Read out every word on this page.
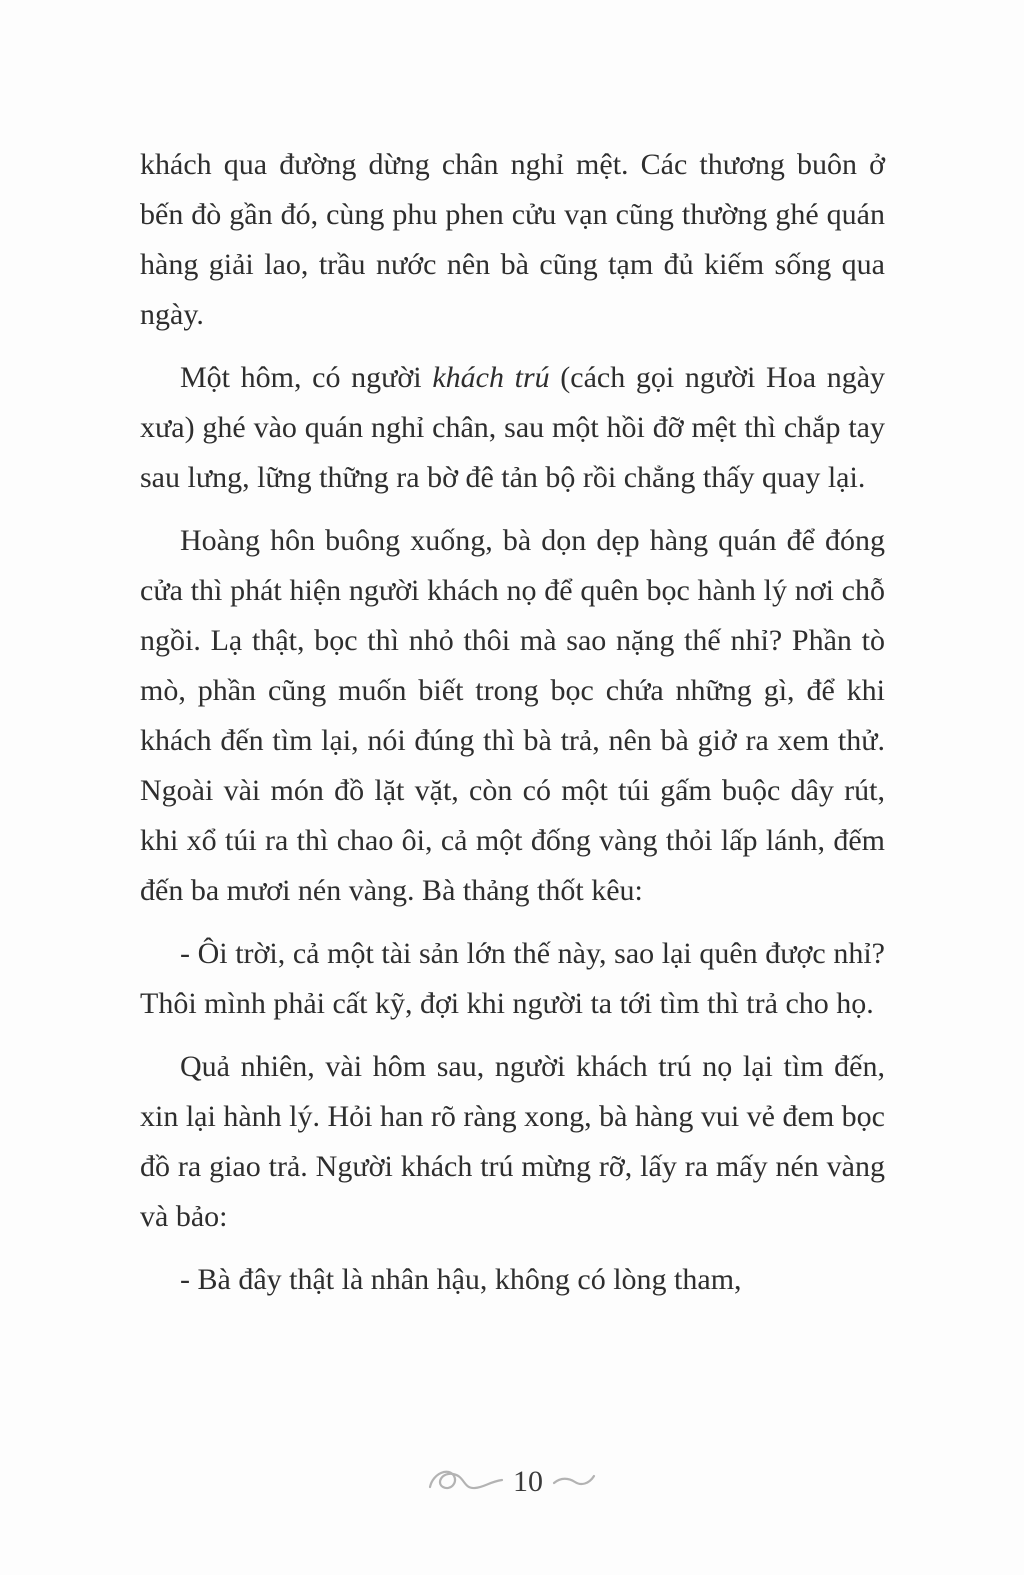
khách qua đường dừng chân nghỉ mệt. Các thương buôn ở bến đò gần đó, cùng phu phen cửu vạn cũng thường ghé quán hàng giải lao, trầu nước nên bà cũng tạm đủ kiếm sống qua ngày.

Một hôm, có người khách trú (cách gọi người Hoa ngày xưa) ghé vào quán nghỉ chân, sau một hồi đỡ mệt thì chắp tay sau lưng, lững thững ra bờ đê tản bộ rồi chẳng thấy quay lại.

Hoàng hôn buông xuống, bà dọn dẹp hàng quán để đóng cửa thì phát hiện người khách nọ để quên bọc hành lý nơi chỗ ngồi. Lạ thật, bọc thì nhỏ thôi mà sao nặng thế nhỉ? Phần tò mò, phần cũng muốn biết trong bọc chứa những gì, để khi khách đến tìm lại, nói đúng thì bà trả, nên bà giở ra xem thử. Ngoài vài món đồ lặt vặt, còn có một túi gấm buộc dây rút, khi xổ túi ra thì chao ôi, cả một đống vàng thỏi lấp lánh, đếm đến ba mươi nén vàng. Bà thảng thốt kêu:

- Ôi trời, cả một tài sản lớn thế này, sao lại quên được nhỉ? Thôi mình phải cất kỹ, đợi khi người ta tới tìm thì trả cho họ.

Quả nhiên, vài hôm sau, người khách trú nọ lại tìm đến, xin lại hành lý. Hỏi han rõ ràng xong, bà hàng vui vẻ đem bọc đồ ra giao trả. Người khách trú mừng rỡ, lấy ra mấy nén vàng và bảo:

- Bà đây thật là nhân hậu, không có lòng tham,

10
